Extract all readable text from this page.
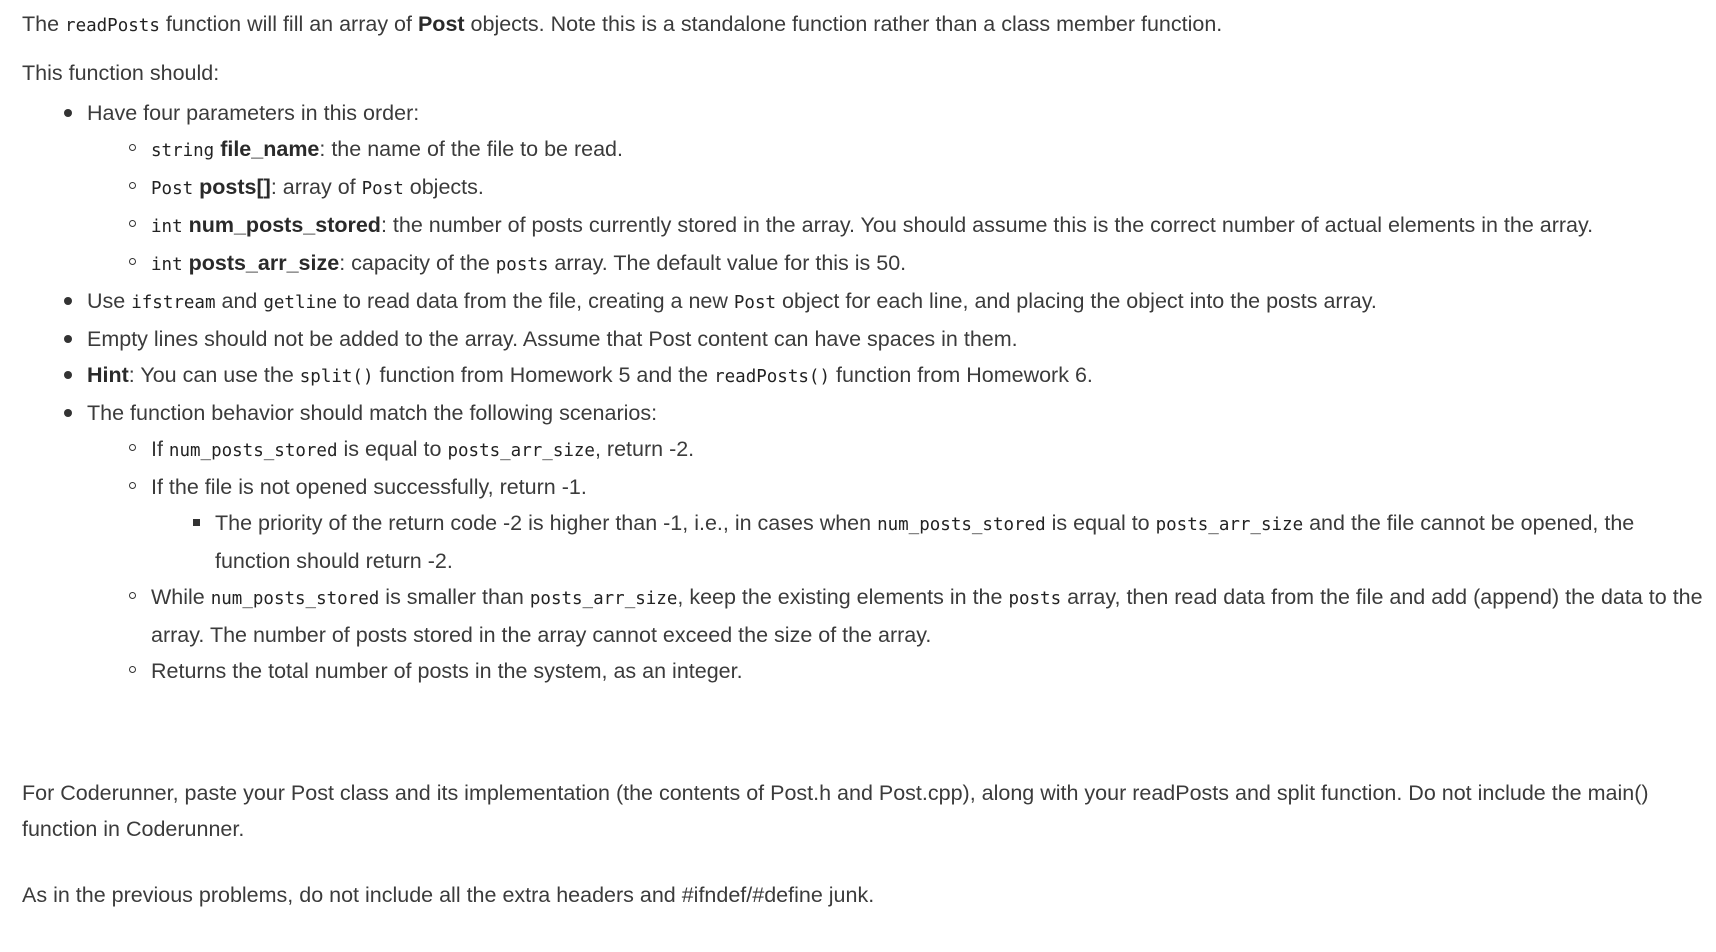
The readPosts function will fill an array of Post objects. Note this is a standalone function rather than a class member function.

This function should:

Have four parameters in this order:
string file_name: the name of the file to be read.
Post posts[]: array of Post objects.
int num_posts_stored: the number of posts currently stored in the array. You should assume this is the correct number of actual elements in the array.
int posts_arr_size: capacity of the posts array. The default value for this is 50.
Use ifstream and getline to read data from the file, creating a new Post object for each line, and placing the object into the posts array.
Empty lines should not be added to the array. Assume that Post content can have spaces in them.
Hint: You can use the split() function from Homework 5 and the readPosts() function from Homework 6.
The function behavior should match the following scenarios:
If num_posts_stored is equal to posts_arr_size, return -2.
If the file is not opened successfully, return -1.
The priority of the return code -2 is higher than -1, i.e., in cases when num_posts_stored is equal to posts_arr_size and the file cannot be opened, the function should return -2.
While num_posts_stored is smaller than posts_arr_size, keep the existing elements in the posts array, then read data from the file and add (append) the data to the array. The number of posts stored in the array cannot exceed the size of the array.
Returns the total number of posts in the system, as an integer.

For Coderunner, paste your Post class and its implementation (the contents of Post.h and Post.cpp), along with your readPosts and split function. Do not include the main() function in Coderunner.

As in the previous problems, do not include all the extra headers and #ifndef/#define junk.
